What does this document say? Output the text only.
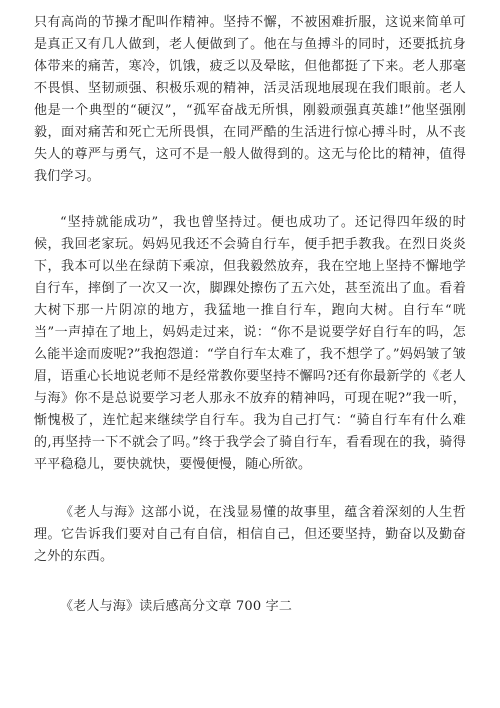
只有高尚的节操才配叫作精神。坚持不懈，不被困难折服，这说来简单可是真正又有几人做到，老人便做到了。他在与鱼搏斗的同时，还要抵抗身体带来的痛苦，寒冷，饥饿，疲乏以及晕眩，但他都挺了下来。老人那毫不畏惧、坚韧顽强、积极乐观的精神，活灵活现地展现在我们眼前。老人他是一个典型的“硬汉”，“孤军奋战无所惧，刚毅顽强真英雄!”他坚强刚毅，面对痛苦和死亡无所畏惧，在同严酷的生活进行惊心搏斗时，从不丧失人的尊严与勇气，这可不是一般人做得到的。这无与伦比的精神，值得我们学习。

“坚持就能成功”，我也曾坚持过。便也成功了。还记得四年级的时候，我回老家玩。妈妈见我还不会骑自行车，便手把手教我。在烈日炎炎下，我本可以坐在绿荫下乘凉，但我毅然放弃，我在空地上坚持不懈地学自行车，摔倒了一次又一次，脚踝处擦伤了五六处，甚至流出了血。看着大树下那一片阴凉的地方，我猛地一推自行车，跑向大树。自行车“咣当”一声掉在了地上，妈妈走过来，说：“你不是说要学好自行车的吗，怎么能半途而废呢?”我抱怨道：“学自行车太难了，我不想学了。”妈妈皱了皱眉，语重心长地说老师不是经常教你要坚持不懈吗?还有你最新学的《老人与海》你不是总说要学习老人那永不放弃的精神吗，可现在呢?”我一听，惭愧极了，连忙起来继续学自行车。我为自己打气：“骑自行车有什么难的,再坚持一下不就会了吗。”终于我学会了骑自行车，看看现在的我，骑得平平稳稳儿，要快就快，要慢便慢，随心所欲。

《老人与海》这部小说，在浅显易懂的故事里，蕴含着深刻的人生哲理。它告诉我们要对自己有自信，相信自己，但还要坚持，勤奋以及勤奋之外的东西。

《老人与海》读后感高分文章 700 字二
